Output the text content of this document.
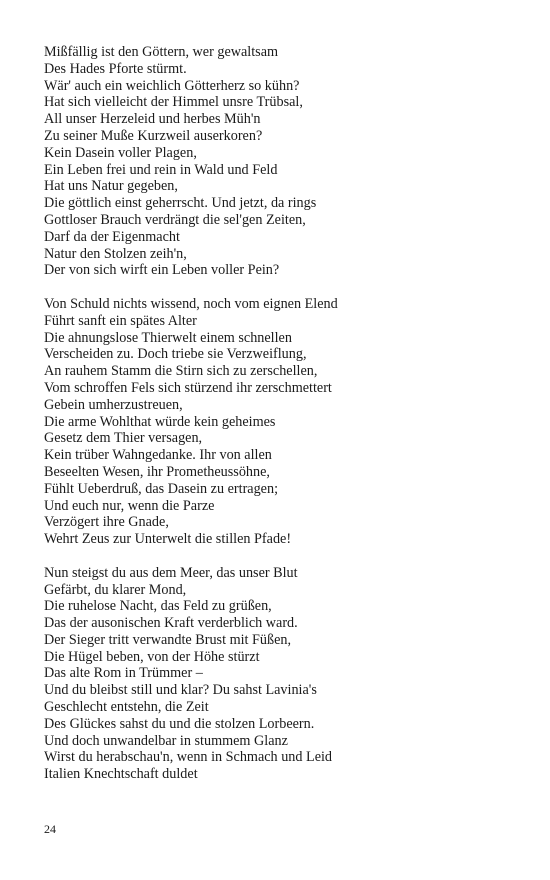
Mißfällig ist den Göttern, wer gewaltsam
Des Hades Pforte stürmt.
Wär' auch ein weichlich Götterherz so kühn?
Hat sich vielleicht der Himmel unsre Trübsal,
All unser Herzeleid und herbes Müh'n
Zu seiner Muße Kurzweil auserkoren?
Kein Dasein voller Plagen,
Ein Leben frei und rein in Wald und Feld
Hat uns Natur gegeben,
Die göttlich einst geherrscht. Und jetzt, da rings
Gottloser Brauch verdrängt die sel'gen Zeiten,
Darf da der Eigenmacht
Natur den Stolzen zeih'n,
Der von sich wirft ein Leben voller Pein?
Von Schuld nichts wissend, noch vom eignen Elend
Führt sanft ein spätes Alter
Die ahnungslose Thierwelt einem schnellen
Verscheiden zu. Doch triebe sie Verzweiflung,
An rauhem Stamm die Stirn sich zu zerschellen,
Vom schroffen Fels sich stürzend ihr zerschmettert
Gebein umherzustreuen,
Die arme Wohlthat würde kein geheimes
Gesetz dem Thier versagen,
Kein trüber Wahngedanke. Ihr von allen
Beseelten Wesen, ihr Prometheussöhne,
Fühlt Ueberdruß, das Dasein zu ertragen;
Und euch nur, wenn die Parze
Verzögert ihre Gnade,
Wehrt Zeus zur Unterwelt die stillen Pfade!
Nun steigst du aus dem Meer, das unser Blut
Gefärbt, du klarer Mond,
Die ruhelose Nacht, das Feld zu grüßen,
Das der ausonischen Kraft verderblich ward.
Der Sieger tritt verwandte Brust mit Füßen,
Die Hügel beben, von der Höhe stürzt
Das alte Rom in Trümmer –
Und du bleibst still und klar? Du sahst Lavinia's
Geschlecht entstehn, die Zeit
Des Glückes sahst du und die stolzen Lorbeern.
Und doch unwandelbar in stummem Glanz
Wirst du herabschau'n, wenn in Schmach und Leid
Italien Knechtschaft duldet
24
